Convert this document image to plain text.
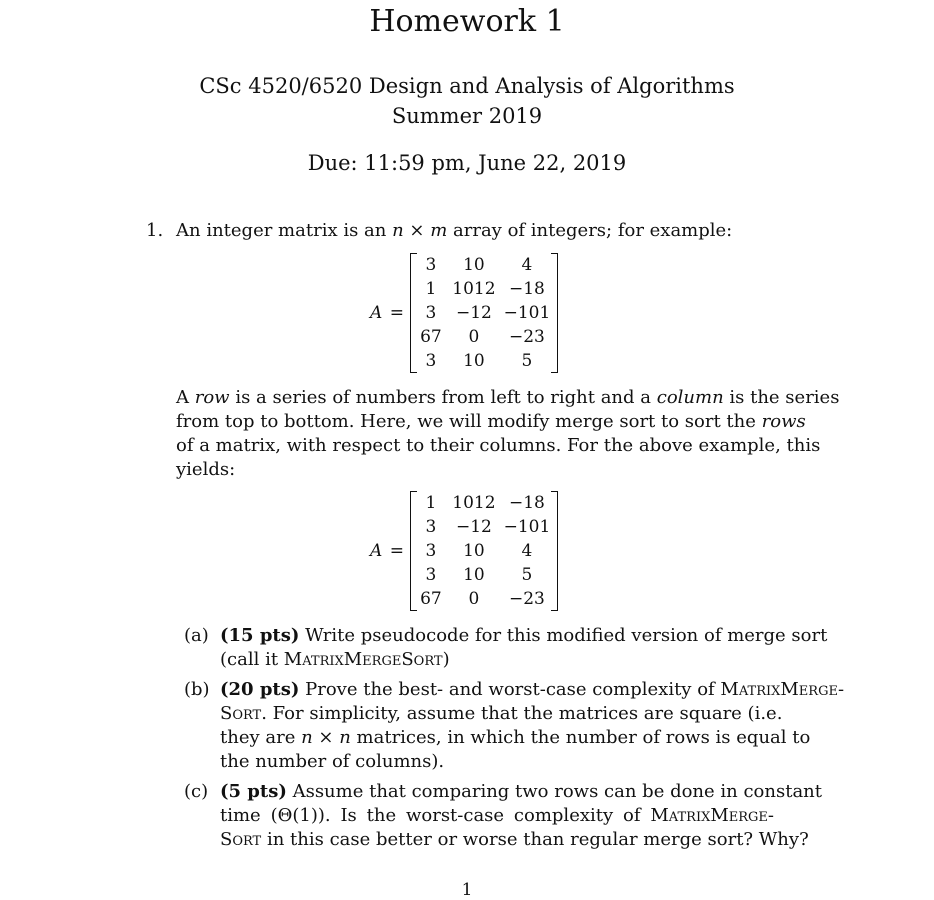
Homework 1
CSc 4520/6520 Design and Analysis of Algorithms
Summer 2019
Due: 11:59 pm, June 22, 2019
1. An integer matrix is an n × m array of integers; for example:
A =
3	10	4
1	1012	−18
3	−12	−101
67	0	−23
3	10	5
A row is a series of numbers from left to right and a column is the series
from top to bottom. Here, we will modify merge sort to sort the rows
of a matrix, with respect to their columns. For the above example, this
yields:
A =
1	1012	−18
3	−12	−101
3	10	4
3	10	5
67	0	−23
(a) (15 pts) Write pseudocode for this modified version of merge sort
(call it MatrixMergeSort)
(b) (20 pts) Prove the best- and worst-case complexity of MatrixMerge-
Sort. For simplicity, assume that the matrices are square (i.e.
they are n × n matrices, in which the number of rows is equal to
the number of columns).
(c) (5 pts) Assume that comparing two rows can be done in constant
time (Θ(1)). Is the worst-case complexity of MatrixMerge-
Sort in this case better or worse than regular merge sort? Why?
1
